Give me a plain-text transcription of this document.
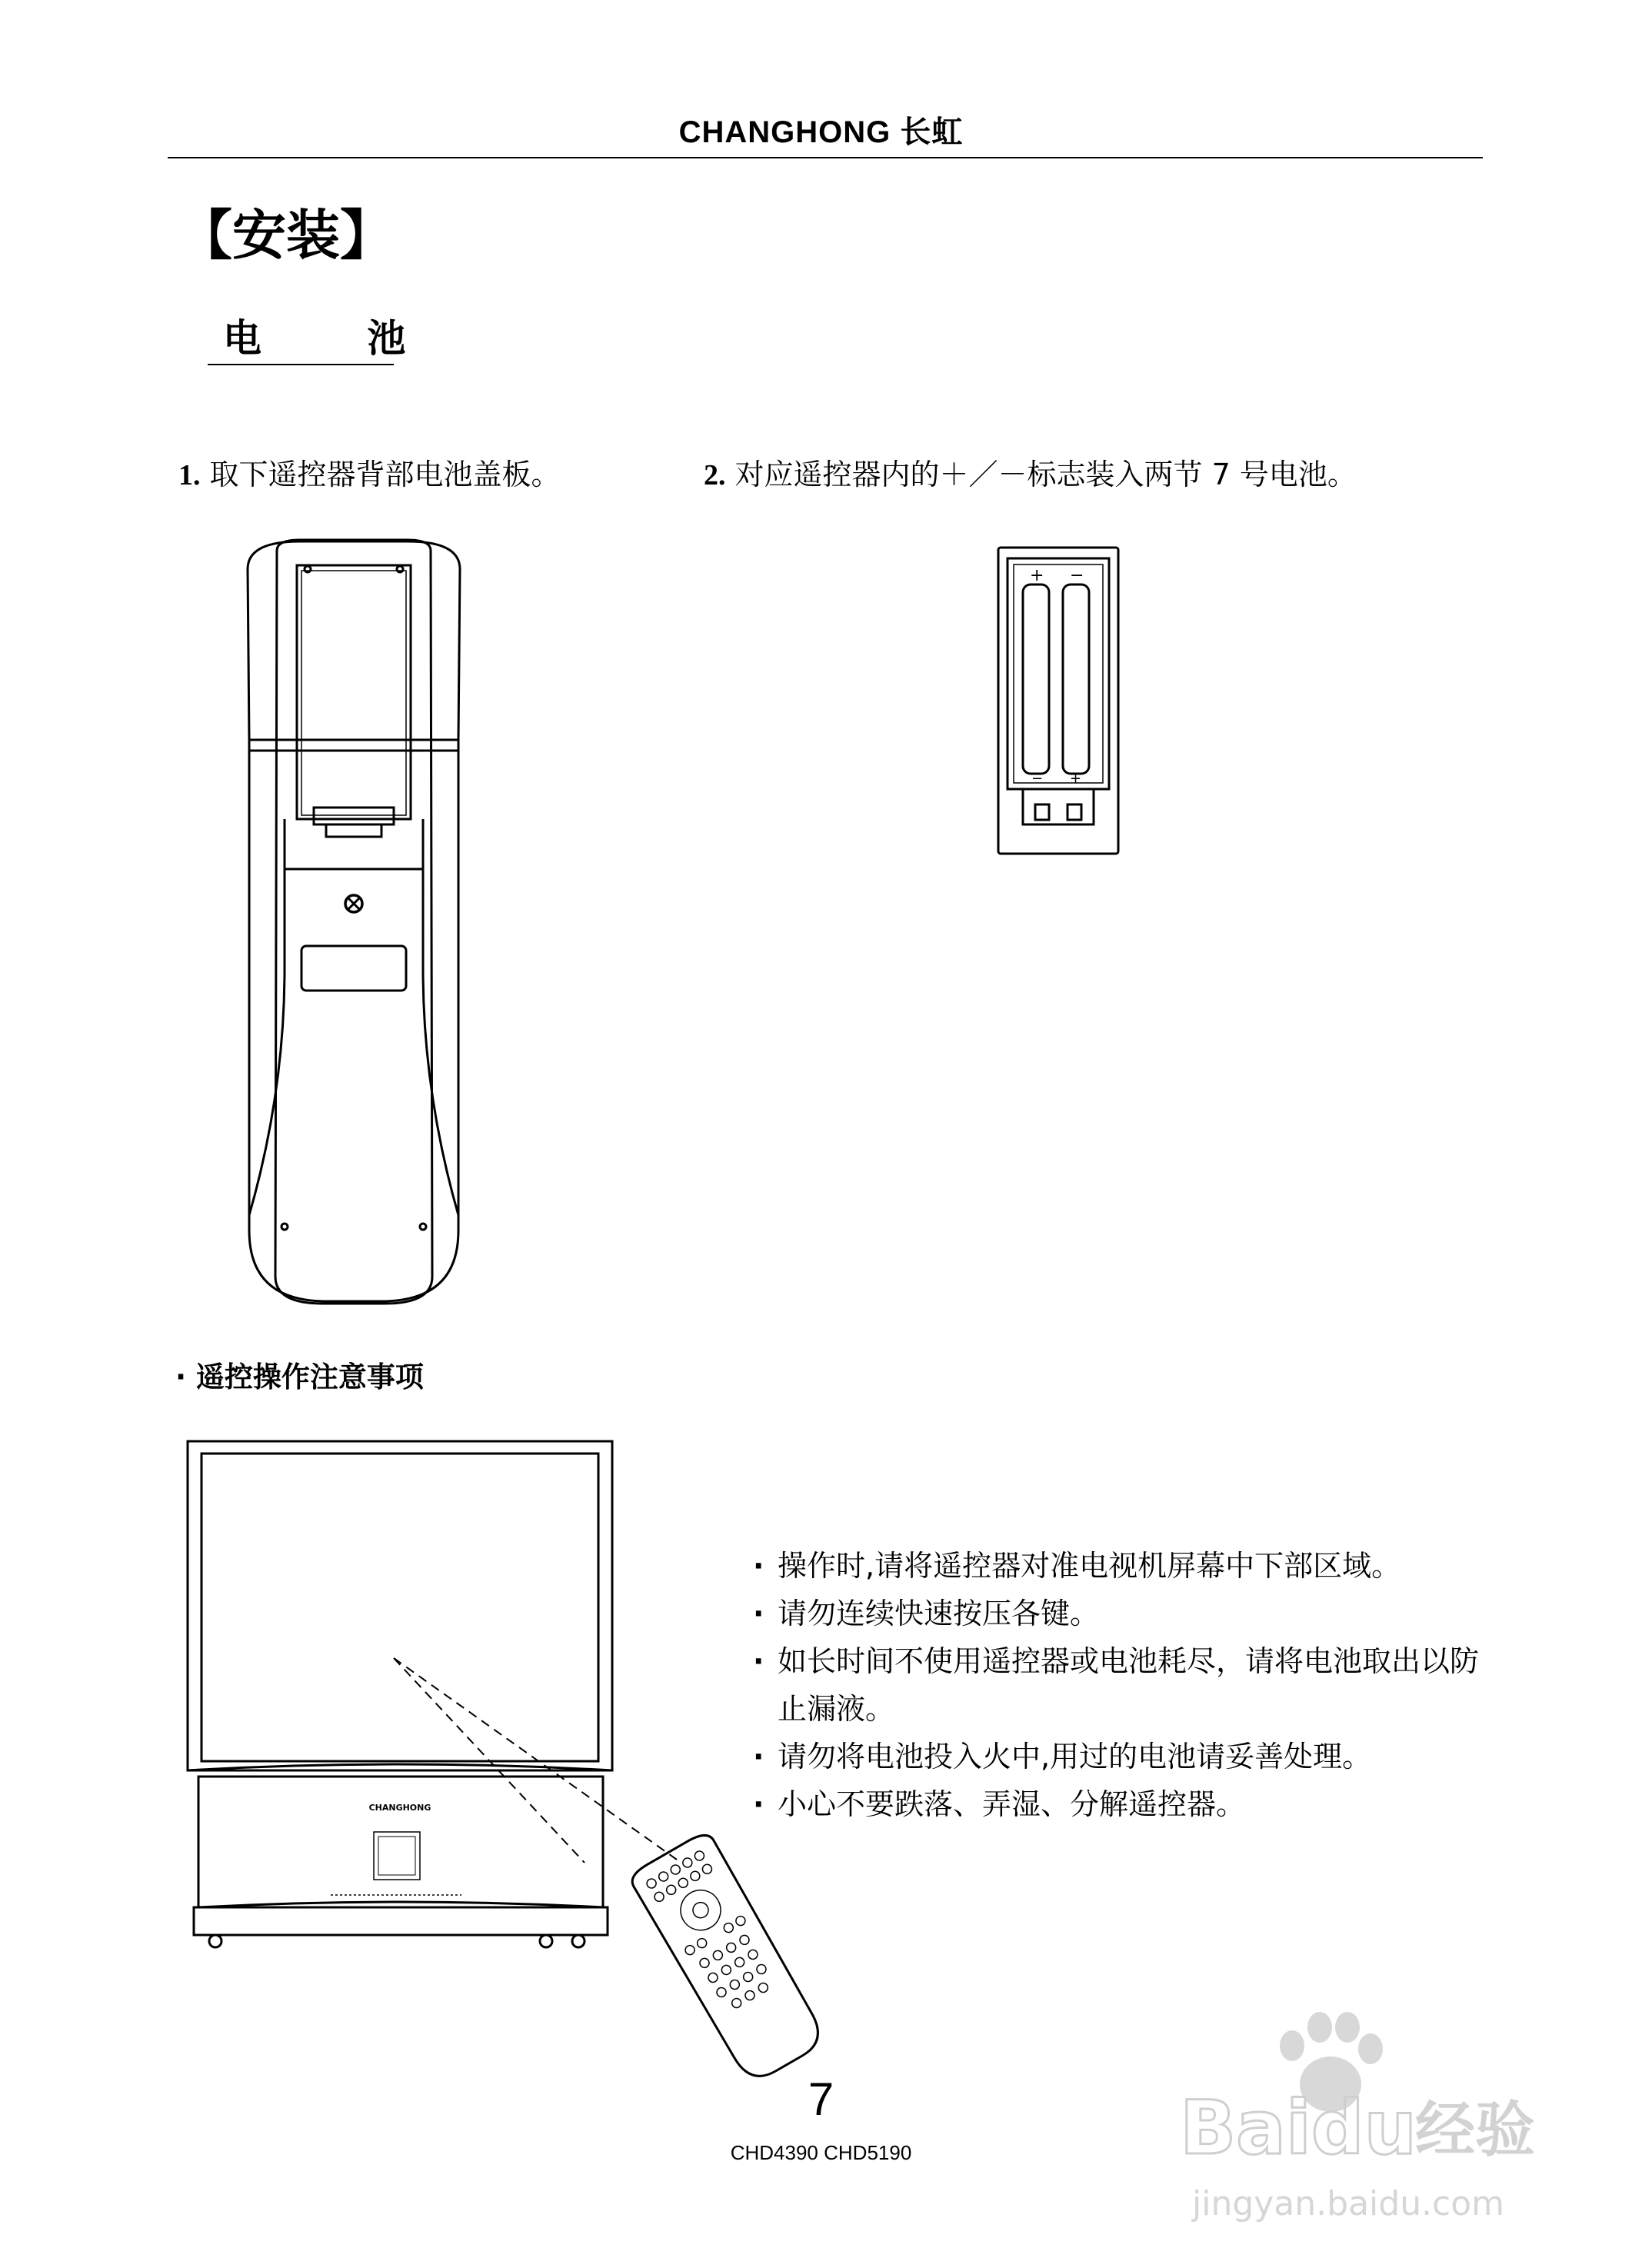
CHANGHONG 长虹
【安装】
电 池
1. 取下遥控器背部电池盖板。	2. 对应遥控器内的＋／－标志装入两节 7 号电池。
+ −
− +
· 遥控操作注意事项
CHANGHONG
· 操作时,请将遥控器对准电视机屏幕中下部区域。
· 请勿连续快速按压各键。
· 如长时间不使用遥控器或电池耗尽，请将电池取出以防止漏液。
· 请勿将电池投入火中,用过的电池请妥善处理。
· 小心不要跌落、弄湿、分解遥控器。
7
CHD4390 CHD5190	Baidu
经验
jingyan.baidu.com
